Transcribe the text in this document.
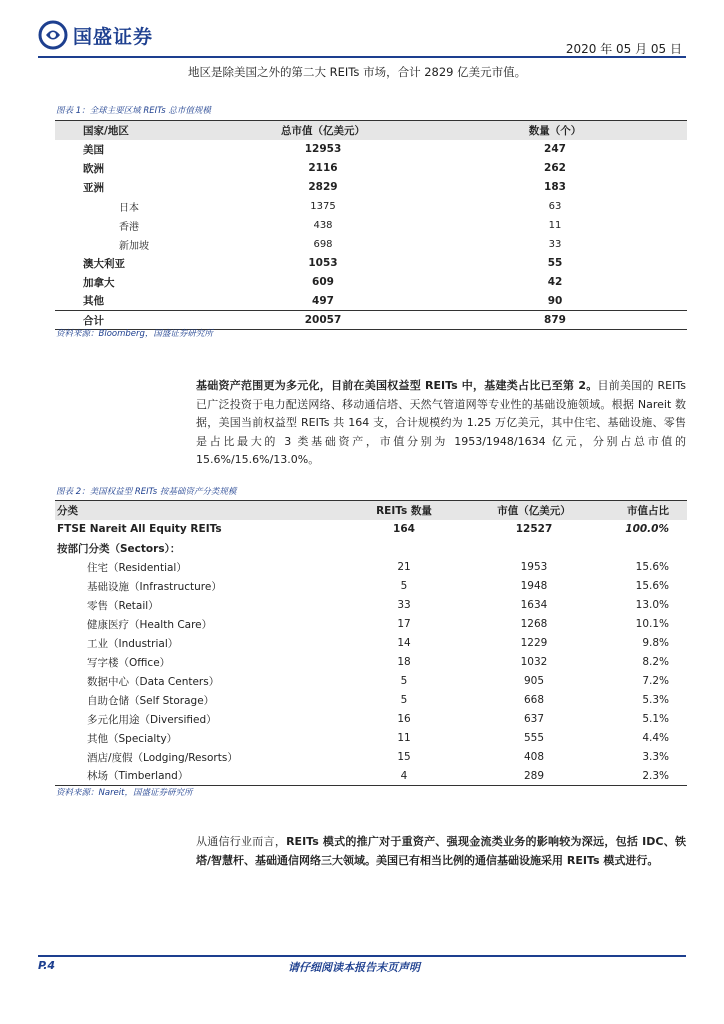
国盛证券
2020 年 05 月 05 日
地区是除美国之外的第二大 REITs 市场，合计 2829 亿美元市值。
图表 1：全球主要区域 REITs 总市值规模
国家/地区	总市值（亿美元）	数量（个）
美国	12953	247
欧洲	2116	262
亚洲	2829	183
日本	1375	63
香港	438	11
新加坡	698	33
澳大利亚	1053	55
加拿大	609	42
其他	497	90
合计	20057	879
资料来源：Bloomberg，国盛证券研究所
基础资产范围更为多元化，目前在美国权益型 REITs 中，基建类占比已至第 2。目前美国的 REITs 已广泛投资于电力配送网络、移动通信塔、天然气管道网等专业性的基础设施领域。根据 Nareit 数据，美国当前权益型 REITs 共 164 支，合计规模约为 1.25 万亿美元，其中住宅、基础设施、零售是占比最大的 3 类基础资产，市值分别为 1953/1948/1634 亿元，分别占总市值的 15.6%/15.6%/13.0%。
图表 2：美国权益型 REITs 按基础资产分类规模
分类	REITs 数量	市值（亿美元）	市值占比
FTSE Nareit All Equity REITs	164	12527	100.0%
按部门分类（Sectors）：			
住宅（Residential）	21	1953	15.6%
基础设施（Infrastructure）	5	1948	15.6%
零售（Retail）	33	1634	13.0%
健康医疗（Health Care）	17	1268	10.1%
工业（Industrial）	14	1229	9.8%
写字楼（Office）	18	1032	8.2%
数据中心（Data Centers）	5	905	7.2%
自助仓储（Self Storage）	5	668	5.3%
多元化用途（Diversified）	16	637	5.1%
其他（Specialty）	11	555	4.4%
酒店/度假（Lodging/Resorts）	15	408	3.3%
林场（Timberland）	4	289	2.3%
资料来源：Nareit，国盛证券研究所
从通信行业而言，REITs 模式的推广对于重资产、强现金流类业务的影响较为深远，包括 IDC、铁塔/智慧杆、基础通信网络三大领域。美国已有相当比例的通信基础设施采用 REITs 模式进行。
P.4	请仔细阅读本报告末页声明
